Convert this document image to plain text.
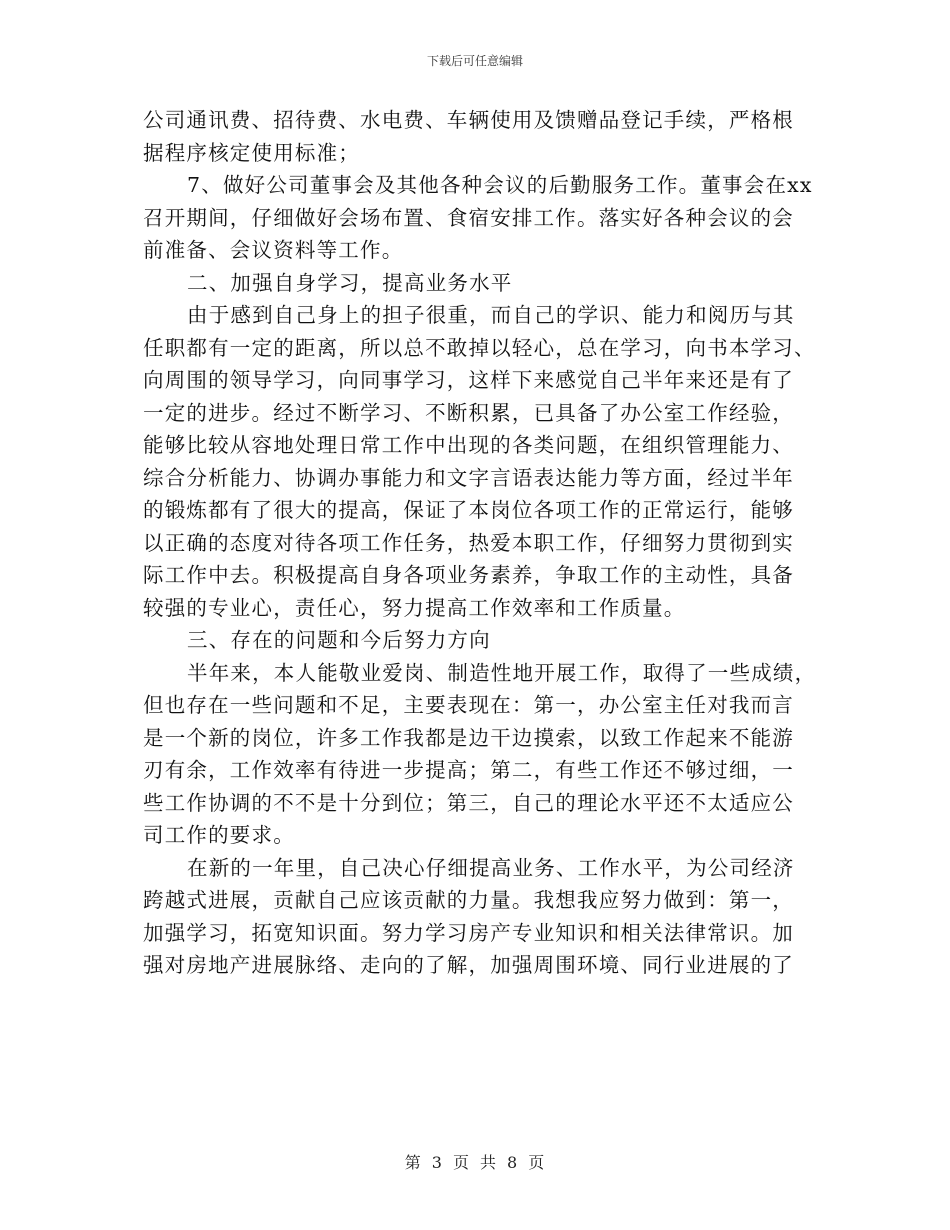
下载后可任意编辑
公司通讯费、招待费、水电费、车辆使用及馈赠品登记手续，严格根
据程序核定使用标准；
7、做好公司董事会及其他各种会议的后勤服务工作。董事会在xx
召开期间，仔细做好会场布置、食宿安排工作。落实好各种会议的会
前准备、会议资料等工作。
二、加强自身学习，提高业务水平
由于感到自己身上的担子很重，而自己的学识、能力和阅历与其
任职都有一定的距离，所以总不敢掉以轻心，总在学习，向书本学习、
向周围的领导学习，向同事学习，这样下来感觉自己半年来还是有了
一定的进步。经过不断学习、不断积累，已具备了办公室工作经验，
能够比较从容地处理日常工作中出现的各类问题，在组织管理能力、
综合分析能力、协调办事能力和文字言语表达能力等方面，经过半年
的锻炼都有了很大的提高，保证了本岗位各项工作的正常运行，能够
以正确的态度对待各项工作任务，热爱本职工作，仔细努力贯彻到实
际工作中去。积极提高自身各项业务素养，争取工作的主动性，具备
较强的专业心，责任心，努力提高工作效率和工作质量。
三、存在的问题和今后努力方向
半年来，本人能敬业爱岗、制造性地开展工作，取得了一些成绩，
但也存在一些问题和不足，主要表现在：第一，办公室主任对我而言
是一个新的岗位，许多工作我都是边干边摸索，以致工作起来不能游
刃有余，工作效率有待进一步提高；第二，有些工作还不够过细，一
些工作协调的不不是十分到位；第三，自己的理论水平还不太适应公
司工作的要求。
在新的一年里，自己决心仔细提高业务、工作水平，为公司经济
跨越式进展，贡献自己应该贡献的力量。我想我应努力做到：第一，
加强学习，拓宽知识面。努力学习房产专业知识和相关法律常识。加
强对房地产进展脉络、走向的了解，加强周围环境、同行业进展的了
第 3 页 共 8 页
